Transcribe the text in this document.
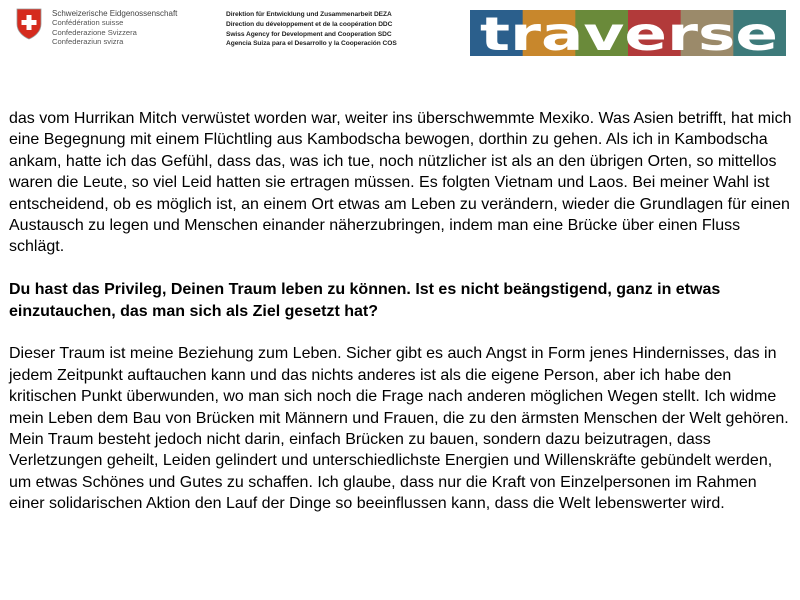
Schweizerische Eidgenossenschaft
Confédération suisse
Confederazione Svizzera
Confederaziun svizra
Direktion für Entwicklung und Zusammenarbeit DEZA
Direction du développement et de la coopération DDC
Swiss Agency for Development and Cooperation SDC
Agencia Suiza para el Desarrollo y la Cooperación COS traverse

das vom Hurrikan Mitch verwüstet worden war, weiter ins überschwemmte Mexiko. Was Asien betrifft, hat mich eine Begegnung mit einem Flüchtling aus Kambodscha bewogen, dorthin zu gehen. Als ich in Kambodscha ankam, hatte ich das Gefühl, dass das, was ich tue, noch nützlicher ist als an den übrigen Orten, so mittellos waren die Leute, so viel Leid hatten sie ertragen müssen. Es folgten Vietnam und Laos. Bei meiner Wahl ist entscheidend, ob es möglich ist, an einem Ort etwas am Leben zu verändern, wieder die Grundlagen für einen Austausch zu legen und Menschen einander näherzubringen, indem man eine Brücke über einen Fluss schlägt.

Du hast das Privileg, Deinen Traum leben zu können. Ist es nicht beängstigend, ganz in etwas einzutauchen, das man sich als Ziel gesetzt hat?

Dieser Traum ist meine Beziehung zum Leben. Sicher gibt es auch Angst in Form jenes Hindernisses, das in jedem Zeitpunkt auftauchen kann und das nichts anderes ist als die eigene Person, aber ich habe den kritischen Punkt überwunden, wo man sich noch die Frage nach anderen möglichen Wegen stellt. Ich widme mein Leben dem Bau von Brücken mit Männern und Frauen, die zu den ärmsten Menschen der Welt gehören. Mein Traum besteht jedoch nicht darin, einfach Brücken zu bauen, sondern dazu beizutragen, dass Verletzungen geheilt, Leiden gelindert und unterschiedlichste Energien und Willenskräfte gebündelt werden, um etwas Schönes und Gutes zu schaffen. Ich glaube, dass nur die Kraft von Einzelpersonen im Rahmen einer solidarischen Aktion den Lauf der Dinge so beeinflussen kann, dass die Welt lebenswerter wird.
